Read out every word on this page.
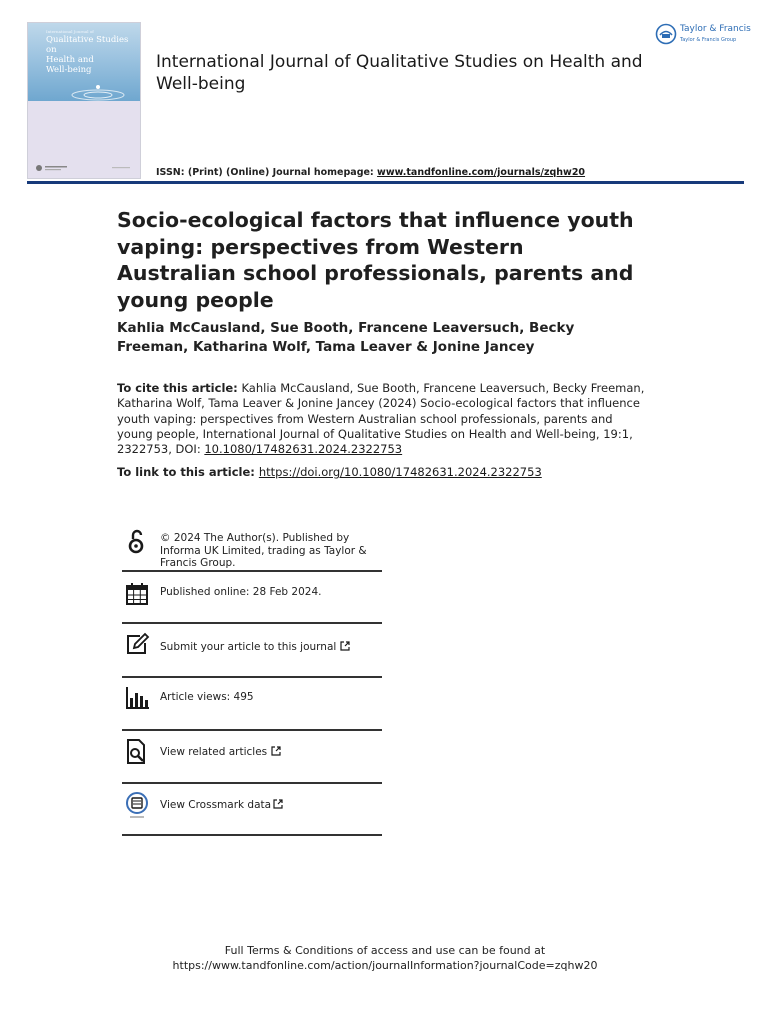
International Journal of
Qualitative Studies on
Health and
Well-being	International Journal of Qualitative Studies on Health and Well-being
ISSN: (Print) (Online) Journal homepage: www.tandfonline.com/journals/zqhw20
Taylor & Francis
Taylor & Francis Group
Socio-ecological factors that influence youth vaping: perspectives from Western Australian school professionals, parents and young people
Kahlia McCausland, Sue Booth, Francene Leaversuch, Becky Freeman, Katharina Wolf, Tama Leaver & Jonine Jancey
To cite this article: Kahlia McCausland, Sue Booth, Francene Leaversuch, Becky Freeman, Katharina Wolf, Tama Leaver & Jonine Jancey (2024) Socio-ecological factors that influence youth vaping: perspectives from Western Australian school professionals, parents and young people, International Journal of Qualitative Studies on Health and Well-being, 19:1, 2322753, DOI: 10.1080/17482631.2024.2322753
To link to this article: https://doi.org/10.1080/17482631.2024.2322753
© 2024 The Author(s). Published by Informa UK Limited, trading as Taylor & Francis Group.
Published online: 28 Feb 2024.
Submit your article to this journal
Article views: 495
View related articles
View Crossmark data
Full Terms & Conditions of access and use can be found at
https://www.tandfonline.com/action/journalInformation?journalCode=zqhw20
